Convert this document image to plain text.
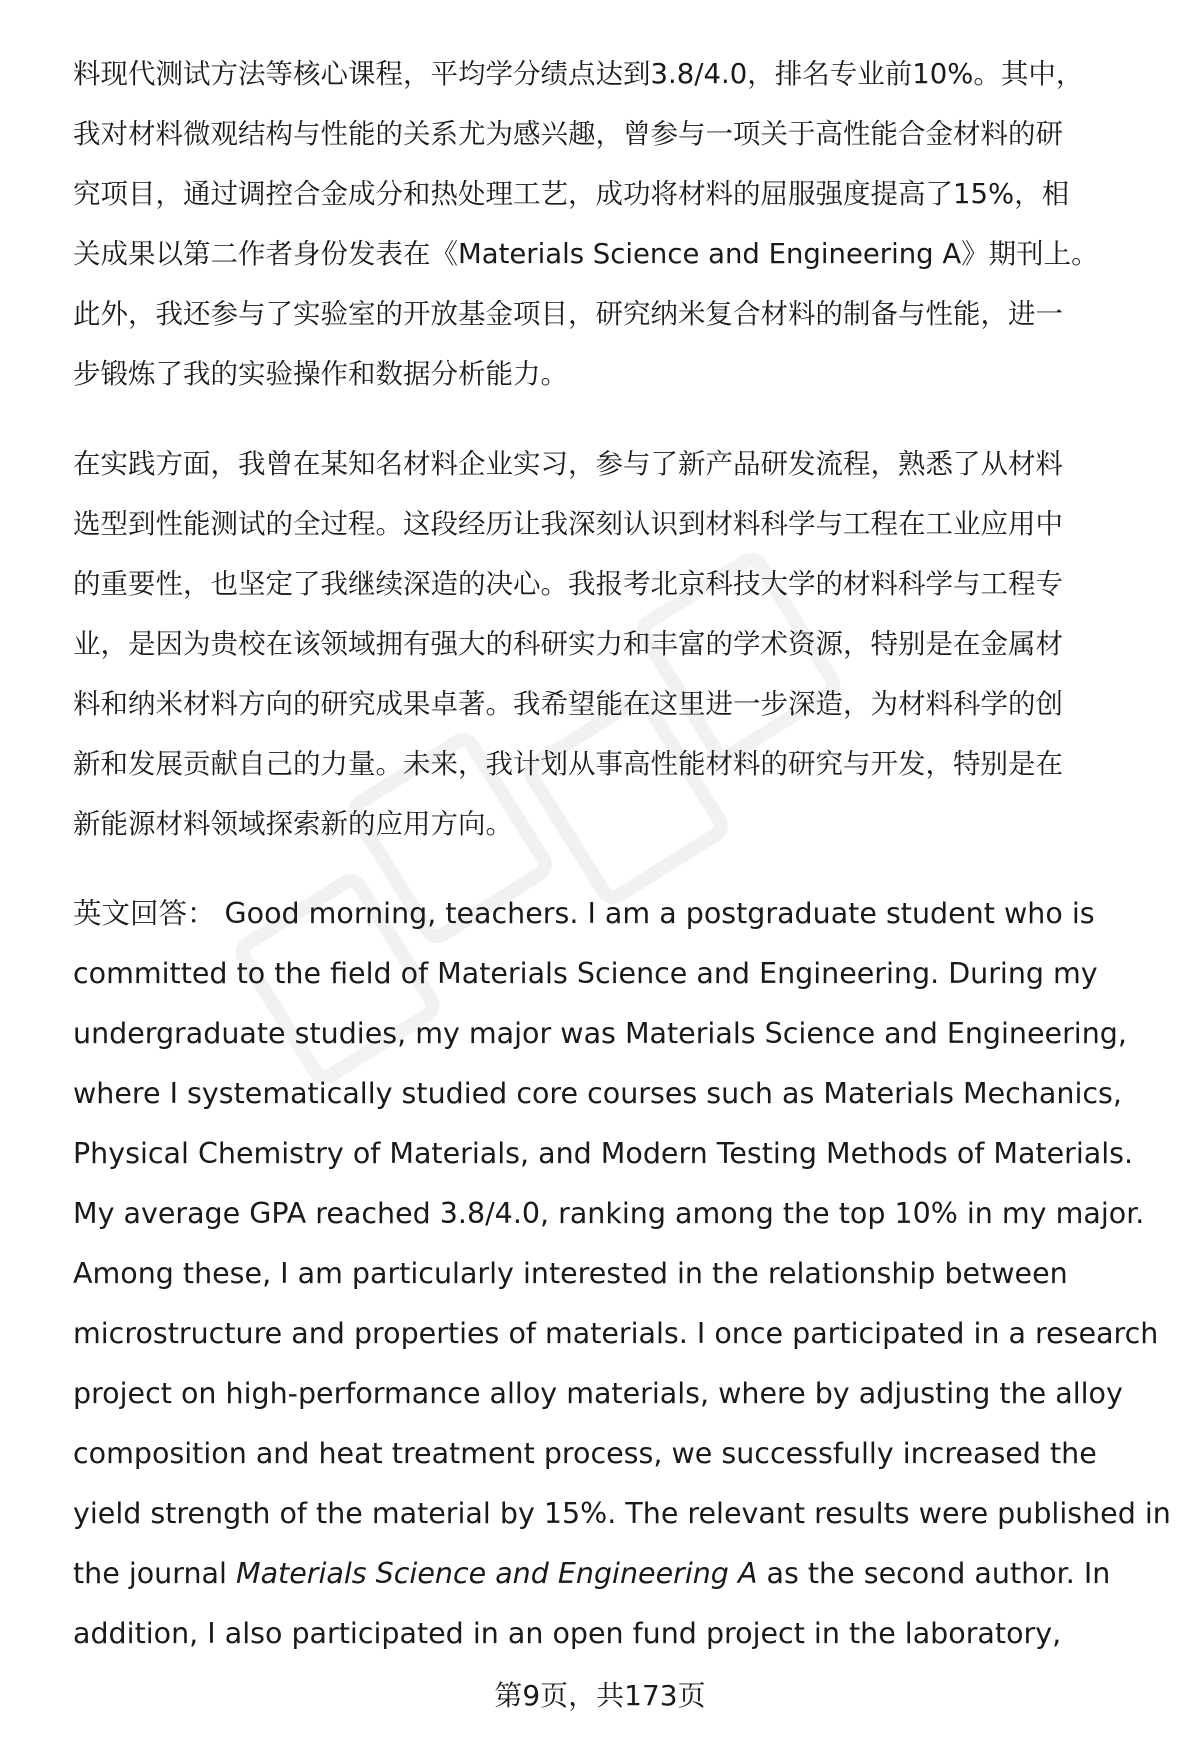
料现代测试方法等核心课程，平均学分绩点达到3.8/4.0，排名专业前10%。其中，
我对材料微观结构与性能的关系尤为感兴趣，曾参与一项关于高性能合金材料的研
究项目，通过调控合金成分和热处理工艺，成功将材料的屈服强度提高了15%，相
关成果以第二作者身份发表在《Materials Science and Engineering A》期刊上。
此外，我还参与了实验室的开放基金项目，研究纳米复合材料的制备与性能，进一
步锻炼了我的实验操作和数据分析能力。

在实践方面，我曾在某知名材料企业实习，参与了新产品研发流程，熟悉了从材料
选型到性能测试的全过程。这段经历让我深刻认识到材料科学与工程在工业应用中
的重要性，也坚定了我继续深造的决心。我报考北京科技大学的材料科学与工程专
业，是因为贵校在该领域拥有强大的科研实力和丰富的学术资源，特别是在金属材
料和纳米材料方向的研究成果卓著。我希望能在这里进一步深造，为材料科学的创
新和发展贡献自己的力量。未来，我计划从事高性能材料的研究与开发，特别是在
新能源材料领域探索新的应用方向。

英文回答： Good morning, teachers. I am a postgraduate student who is
committed to the field of Materials Science and Engineering. During my
undergraduate studies, my major was Materials Science and Engineering,
where I systematically studied core courses such as Materials Mechanics,
Physical Chemistry of Materials, and Modern Testing Methods of Materials.
My average GPA reached 3.8/4.0, ranking among the top 10% in my major.
Among these, I am particularly interested in the relationship between
microstructure and properties of materials. I once participated in a research
project on high-performance alloy materials, where by adjusting the alloy
composition and heat treatment process, we successfully increased the
yield strength of the material by 15%. The relevant results were published in
the journal Materials Science and Engineering A as the second author. In
addition, I also participated in an open fund project in the laboratory,

第9页，共173页
